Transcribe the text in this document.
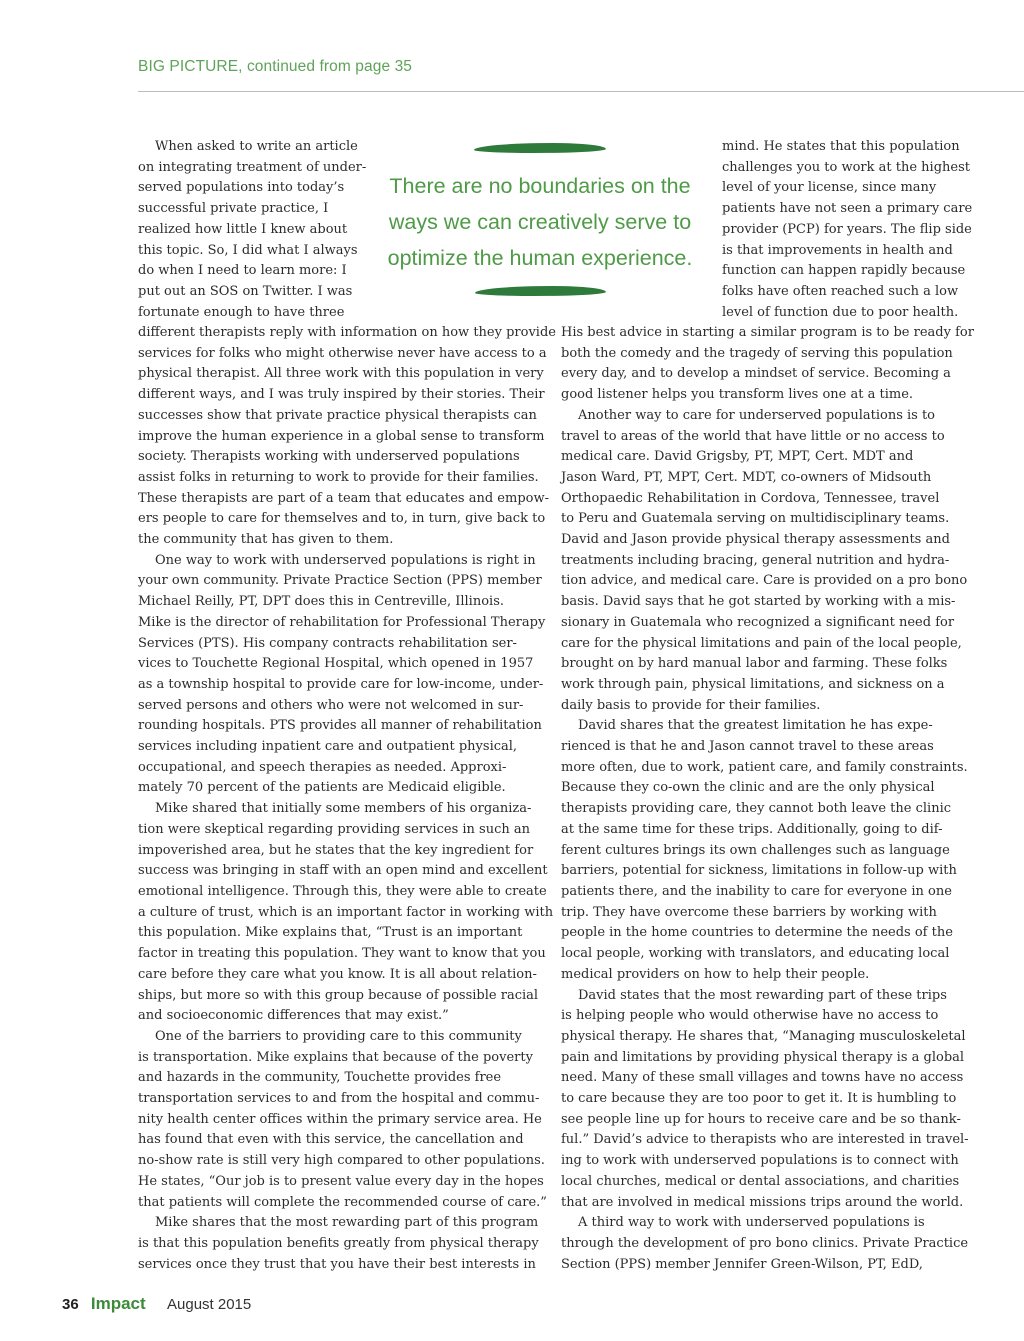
BIG PICTURE, continued from page 35
When asked to write an article
on integrating treatment of under-
served populations into today’s
successful private practice, I
realized how little I knew about
this topic. So, I did what I always
do when I need to learn more: I
put out an SOS on Twitter. I was
fortunate enough to have three
There are no boundaries on the
ways we can creatively serve to
optimize the human experience.
mind. He states that this population
challenges you to work at the highest
level of your license, since many
patients have not seen a primary care
provider (PCP) for years. The flip side
is that improvements in health and
function can happen rapidly because
folks have often reached such a low
level of function due to poor health.
different therapists reply with information on how they provide
services for folks who might otherwise never have access to a
physical therapist. All three work with this population in very
different ways, and I was truly inspired by their stories. Their
successes show that private practice physical therapists can
improve the human experience in a global sense to transform
society. Therapists working with underserved populations
assist folks in returning to work to provide for their families.
These therapists are part of a team that educates and empow-
ers people to care for themselves and to, in turn, give back to
the community that has given to them.
One way to work with underserved populations is right in
your own community. Private Practice Section (PPS) member
Michael Reilly, PT, DPT does this in Centreville, Illinois.
Mike is the director of rehabilitation for Professional Therapy
Services (PTS). His company contracts rehabilitation ser-
vices to Touchette Regional Hospital, which opened in 1957
as a township hospital to provide care for low-income, under-
served persons and others who were not welcomed in sur-
rounding hospitals. PTS provides all manner of rehabilitation
services including inpatient care and outpatient physical,
occupational, and speech therapies as needed. Approxi-
mately 70 percent of the patients are Medicaid eligible.
Mike shared that initially some members of his organiza-
tion were skeptical regarding providing services in such an
impoverished area, but he states that the key ingredient for
success was bringing in staff with an open mind and excellent
emotional intelligence. Through this, they were able to create
a culture of trust, which is an important factor in working with
this population. Mike explains that, “Trust is an important
factor in treating this population. They want to know that you
care before they care what you know. It is all about relation-
ships, but more so with this group because of possible racial
and socioeconomic differences that may exist.”
One of the barriers to providing care to this community
is transportation. Mike explains that because of the poverty
and hazards in the community, Touchette provides free
transportation services to and from the hospital and commu-
nity health center offices within the primary service area. He
has found that even with this service, the cancellation and
no-show rate is still very high compared to other populations.
He states, “Our job is to present value every day in the hopes
that patients will complete the recommended course of care.”
Mike shares that the most rewarding part of this program
is that this population benefits greatly from physical therapy
services once they trust that you have their best interests in
His best advice in starting a similar program is to be ready for
both the comedy and the tragedy of serving this population
every day, and to develop a mindset of service. Becoming a
good listener helps you transform lives one at a time.
Another way to care for underserved populations is to
travel to areas of the world that have little or no access to
medical care. David Grigsby, PT, MPT, Cert. MDT and
Jason Ward, PT, MPT, Cert. MDT, co-owners of Midsouth
Orthopaedic Rehabilitation in Cordova, Tennessee, travel
to Peru and Guatemala serving on multidisciplinary teams.
David and Jason provide physical therapy assessments and
treatments including bracing, general nutrition and hydra-
tion advice, and medical care. Care is provided on a pro bono
basis. David says that he got started by working with a mis-
sionary in Guatemala who recognized a significant need for
care for the physical limitations and pain of the local people,
brought on by hard manual labor and farming. These folks
work through pain, physical limitations, and sickness on a
daily basis to provide for their families.
David shares that the greatest limitation he has expe-
rienced is that he and Jason cannot travel to these areas
more often, due to work, patient care, and family constraints.
Because they co-own the clinic and are the only physical
therapists providing care, they cannot both leave the clinic
at the same time for these trips. Additionally, going to dif-
ferent cultures brings its own challenges such as language
barriers, potential for sickness, limitations in follow-up with
patients there, and the inability to care for everyone in one
trip. They have overcome these barriers by working with
people in the home countries to determine the needs of the
local people, working with translators, and educating local
medical providers on how to help their people.
David states that the most rewarding part of these trips
is helping people who would otherwise have no access to
physical therapy. He shares that, “Managing musculoskeletal
pain and limitations by providing physical therapy is a global
need. Many of these small villages and towns have no access
to care because they are too poor to get it. It is humbling to
see people line up for hours to receive care and be so thank-
ful.” David’s advice to therapists who are interested in travel-
ing to work with underserved populations is to connect with
local churches, medical or dental associations, and charities
that are involved in medical missions trips around the world.
A third way to work with underserved populations is
through the development of pro bono clinics. Private Practice
Section (PPS) member Jennifer Green-Wilson, PT, EdD,
36 Impact August 2015
